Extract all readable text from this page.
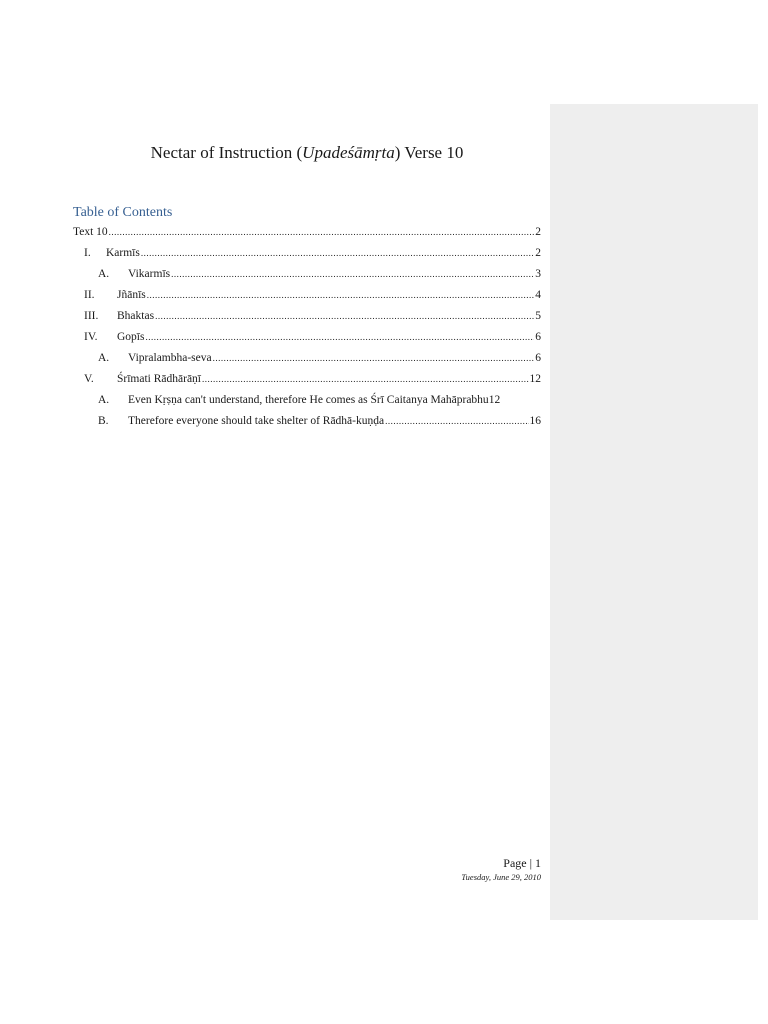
Nectar of Instruction (Upadeśāmṛta) Verse 10
Table of Contents
Text 10 .....	2
I.	Karmīs .....	2
A.	Vikarmīs .....	3
II.	Jñānīs .....	4
III.	Bhaktas .....	5
IV.	Gopīs .....	6
A.	Vipralambha-seva .....	6
V.	Śrīmati Rādhārāṇī .....	12
A.	Even Kṛṣṇa can't understand, therefore He comes as Śrī Caitanya Mahāprabhu 12
B.	Therefore everyone should take shelter of Rādhā-kuṇḍa .....	16
Page | 1
Tuesday, June 29, 2010
